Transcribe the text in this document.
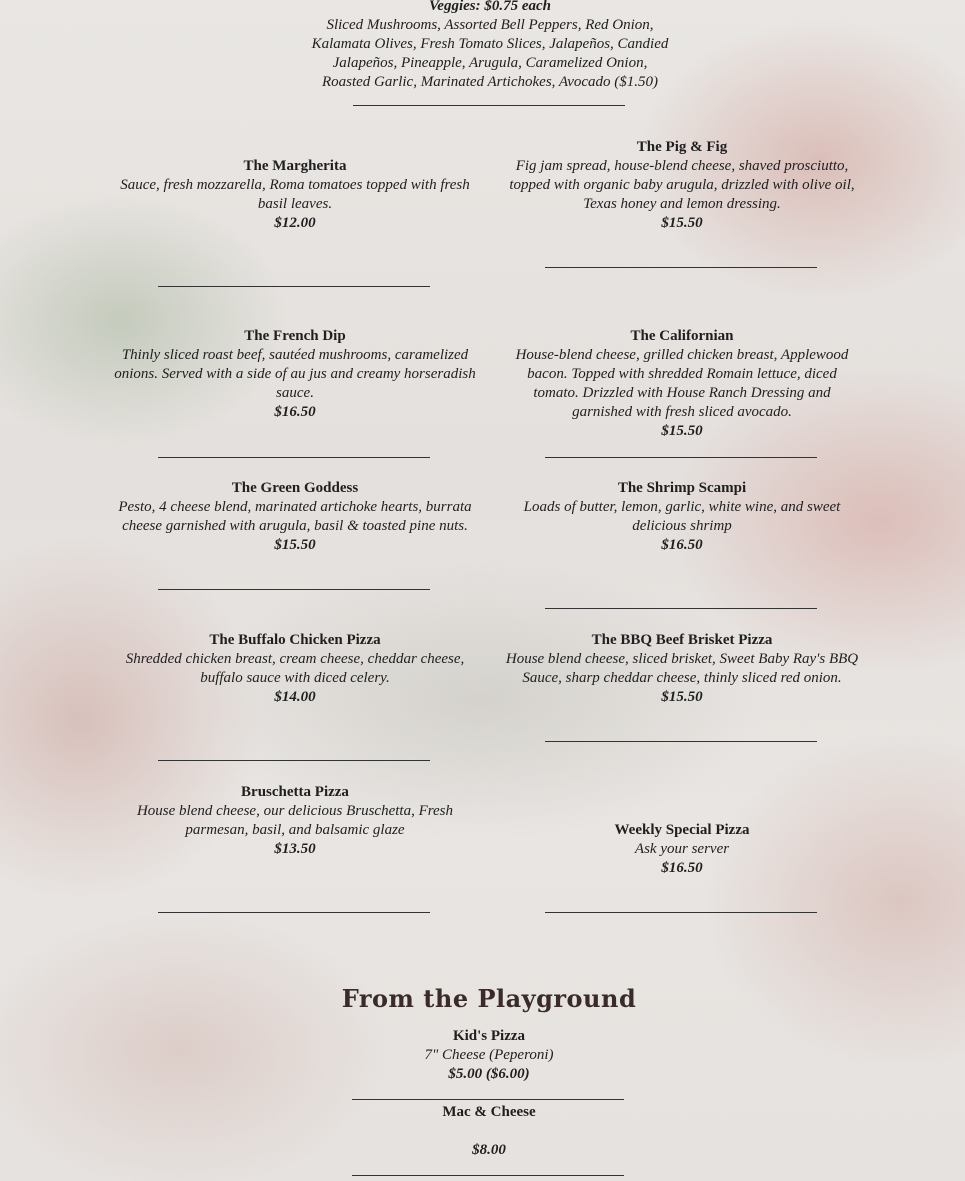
Veggies: $0.75 each
Sliced Mushrooms, Assorted Bell Peppers, Red Onion,
Kalamata Olives, Fresh Tomato Slices, Jalapeños, Candied
Jalapeños, Pineapple, Arugula, Caramelized Onion,
Roasted Garlic, Marinated Artichokes, Avocado ($1.50)
The Margherita
Sauce, fresh mozzarella, Roma tomatoes topped with fresh
basil leaves.
$12.00
The Pig & Fig
Fig jam spread, house-blend cheese, shaved prosciutto,
topped with organic baby arugula, drizzled with olive oil,
Texas honey and lemon dressing.
$15.50
The French Dip
Thinly sliced roast beef, sautéed mushrooms, caramelized
onions. Served with a side of au jus and creamy horseradish
sauce.
$16.50
The Californian
House-blend cheese, grilled chicken breast, Applewood
bacon. Topped with shredded Romain lettuce, diced
tomato. Drizzled with House Ranch Dressing and
garnished with fresh sliced avocado.
$15.50
The Green Goddess
Pesto, 4 cheese blend, marinated artichoke hearts, burrata
cheese garnished with arugula, basil & toasted pine nuts.
$15.50
The Shrimp Scampi
Loads of butter, lemon, garlic, white wine, and sweet
delicious shrimp
$16.50
The Buffalo Chicken Pizza
Shredded chicken breast, cream cheese, cheddar cheese,
buffalo sauce with diced celery.
$14.00
The BBQ Beef Brisket Pizza
House blend cheese, sliced brisket, Sweet Baby Ray's BBQ
Sauce, sharp cheddar cheese, thinly sliced red onion.
$15.50
Bruschetta Pizza
House blend cheese, our delicious Bruschetta, Fresh
parmesan, basil, and balsamic glaze
$13.50
Weekly Special Pizza
Ask your server
$16.50
From the Playground
Kid's Pizza
7" Cheese (Peperoni)
$5.00 ($6.00)
Mac & Cheese
$8.00
